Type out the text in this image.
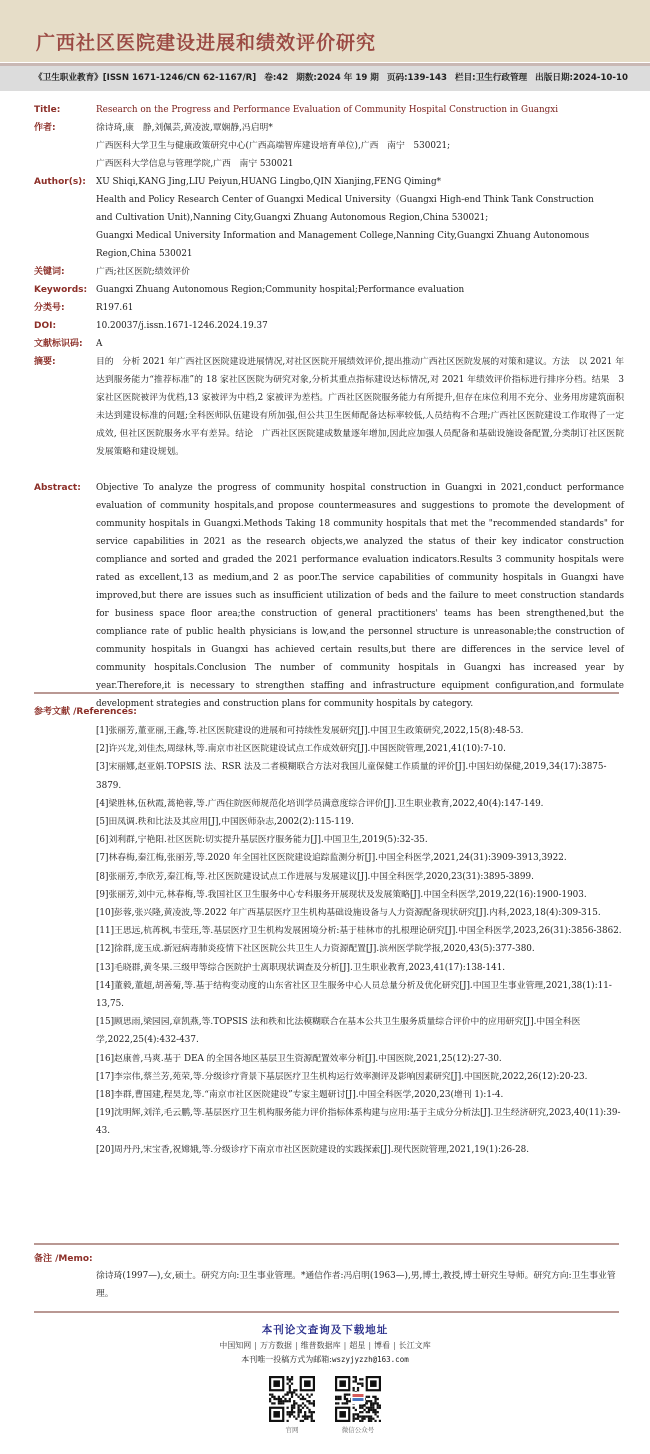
广西社区医院建设进展和绩效评价研究
《卫生职业教育》[ISSN 1671-1246/CN 62-1167/R] 卷:42 期数:2024 年 19 期 页码:139-143 栏目:卫生行政管理 出版日期:2024-10-10
Title:	Research on the Progress and Performance Evaluation of Community Hospital Construction in Guangxi
作者:	徐诗琦,康　静,刘佩芸,黄凌波,覃娴静,冯启明*
广西医科大学卫生与健康政策研究中心(广西高端智库建设培育单位),广西　南宁　530021;
广西医科大学信息与管理学院,广西　南宁 530021
Author(s):	XU Shiqi,KANG Jing,LIU Peiyun,HUANG Lingbo,QIN Xianjing,FENG Qiming*
Health and Policy Research Center of Guangxi Medical University（Guangxi High-end Think Tank Construction
and Cultivation Unit),Nanning City,Guangxi Zhuang Autonomous Region,China 530021;
Guangxi Medical University Information and Management College,Nanning City,Guangxi Zhuang Autonomous
Region,China 530021
关键词:	广西;社区医院;绩效评价
Keywords:	Guangxi Zhuang Autonomous Region;Community hospital;Performance evaluation
分类号:	R197.61
DOI:	10.20037/j.issn.1671-1246.2024.19.37
文献标识码:	A
摘要:	目的　分析 2021 年广西社区医院建设进展情况,对社区医院开展绩效评价,提出推动广西社区医院发展的对策和建议。方法　以 2021 年达到服务能力“推荐标准”的 18 家社区医院为研究对象,分析其重点指标建设达标情况,对 2021 年绩效评价指标进行排序分档。结果　3 家社区医院被评为优档,13 家被评为中档,2 家被评为差档。广西社区医院服务能力有所提升,但存在床位利用不充分、业务用房建筑面积未达到建设标准的问题;全科医师队伍建设有所加强,但公共卫生医师配备达标率较低,人员结构不合理;广西社区医院建设工作取得了一定成效, 但社区医院服务水平有差异。结论　广西社区医院建成数量逐年增加,因此应加强人员配备和基础设施设备配置,分类制订社区医院发展策略和建设规划。
Abstract:	Objective To analyze the progress of community hospital construction in Guangxi in 2021,conduct performance evaluation of community hospitals,and propose countermeasures and suggestions to promote the development of community hospitals in Guangxi.Methods Taking 18 community hospitals that met the "recommended standards" for service capabilities in 2021 as the research objects,we analyzed the status of their key indicator construction compliance and sorted and graded the 2021 performance evaluation indicators.Results 3 community hospitals were rated as excellent,13 as medium,and 2 as poor.The service capabilities of community hospitals in Guangxi have improved,but there are issues such as insufficient utilization of beds and the failure to meet construction standards for business space floor area;the construction of general practitioners' teams has been strengthened,but the compliance rate of public health physicians is low,and the personnel structure is unreasonable;the construction of community hospitals in Guangxi has achieved certain results,but there are differences in the service level of community hospitals.Conclusion The number of community hospitals in Guangxi has increased year by year.Therefore,it is necessary to strengthen staffing and infrastructure equipment configuration,and formulate development strategies and construction plans for community hospitals by category.
参考文献 /References:
[1]张丽芳,董亚丽,王鑫,等.社区医院建设的进展和可持续性发展研究[J].中国卫生政策研究,2022,15(8):48-53.
[2]许兴龙,刘佳杰,周绿林,等.南京市社区医院建设试点工作成效研究[J].中国医院管理,2021,41(10):7-10.
[3]宋丽娜,赵亚娟.TOPSIS 法、RSR 法及二者模糊联合方法对我国儿童保健工作质量的评价[J].中国妇幼保健,2019,34(17):3875-3879.
[4]梁胜林,伍秋霞,蒿艳蓉,等.广西住院医师规范化培训学员满意度综合评价[J].卫生职业教育,2022,40(4):147-149.
[5]田凤调.秩和比法及其应用[J],中国医师杂志,2002(2):115-119.
[6]刘利群,宁艳阳.社区医院:切实提升基层医疗服务能力[J].中国卫生,2019(5):32-35.
[7]林春梅,秦江梅,张丽芳,等.2020 年全国社区医院建设追踪监测分析[J].中国全科医学,2021,24(31):3909-3913,3922.
[8]张丽芳,李欣芳,秦江梅,等.社区医院建设试点工作进展与发展建议[J].中国全科医学,2020,23(31):3895-3899.
[9]张丽芳,刘中元,林春梅,等.我国社区卫生服务中心专科服务开展现状及发展策略[J].中国全科医学,2019,22(16):1900-1903.
[10]彭蓉,张兴隆,黄凌波,等.2022 年广西基层医疗卫生机构基础设施设备与人力资源配备现状研究[J].内科,2023,18(4):309-315.
[11]王思远,杭苒枫,韦莹珏,等.基层医疗卫生机构发展困境分析:基于桂林市的扎根理论研究[J].中国全科医学,2023,26(31):3856-3862.
[12]徐群,庞玉成.新冠病毒肺炎疫情下社区医院公共卫生人力资源配置[J].滨州医学院学报,2020,43(5):377-380.
[13]毛晓群,黄冬果.三级甲等综合医院护士离职现状调查及分析[J].卫生职业教育,2023,41(17):138-141.
[14]董毅,董超,胡善菊,等.基于结构变动度的山东省社区卫生服务中心人员总量分析及优化研究[J].中国卫生事业管理,2021,38(1):11-13,75.
[15]顾思雨,梁园园,章凯燕,等.TOPSIS 法和秩和比法模糊联合在基本公共卫生服务质量综合评价中的应用研究[J].中国全科医学,2022,25(4):432-437.
[16]赵康普,马爽.基于 DEA 的全国各地区基层卫生资源配置效率分析[J].中国医院,2021,25(12):27-30.
[17]李宗伟,蔡兰芳,苑荣,等.分级诊疗背景下基层医疗卫生机构运行效率测评及影响因素研究[J].中国医院,2022,26(12):20-23.
[18]李群,曹国建,程昊龙,等.“南京市社区医院建设”专家主题研讨[J].中国全科医学,2020,23(增刊 1):1-4.
[19]沈明辉,刘洋,毛云鹏,等.基层医疗卫生机构服务能力评价指标体系构建与应用:基于主成分分析法[J].卫生经济研究,2023,40(11):39-43.
[20]周丹丹,宋宝香,祝嫦娥,等.分级诊疗下南京市社区医院建设的实践探索[J].现代医院管理,2021,19(1):26-28.
备注 /Memo:
徐诗琦(1997—),女,硕士。研究方向:卫生事业管理。*通信作者:冯启明(1963—),男,博士,教授,博士研究生导师。研究方向:卫生事业管理。
本刊论文查询及下载地址
中国知网 | 万方数据 | 维普数据库 | 超星 | 博看 | 长江文库
本刊唯一投稿方式为邮箱:wszyjyzzh@163.com
官网	微信公众号
